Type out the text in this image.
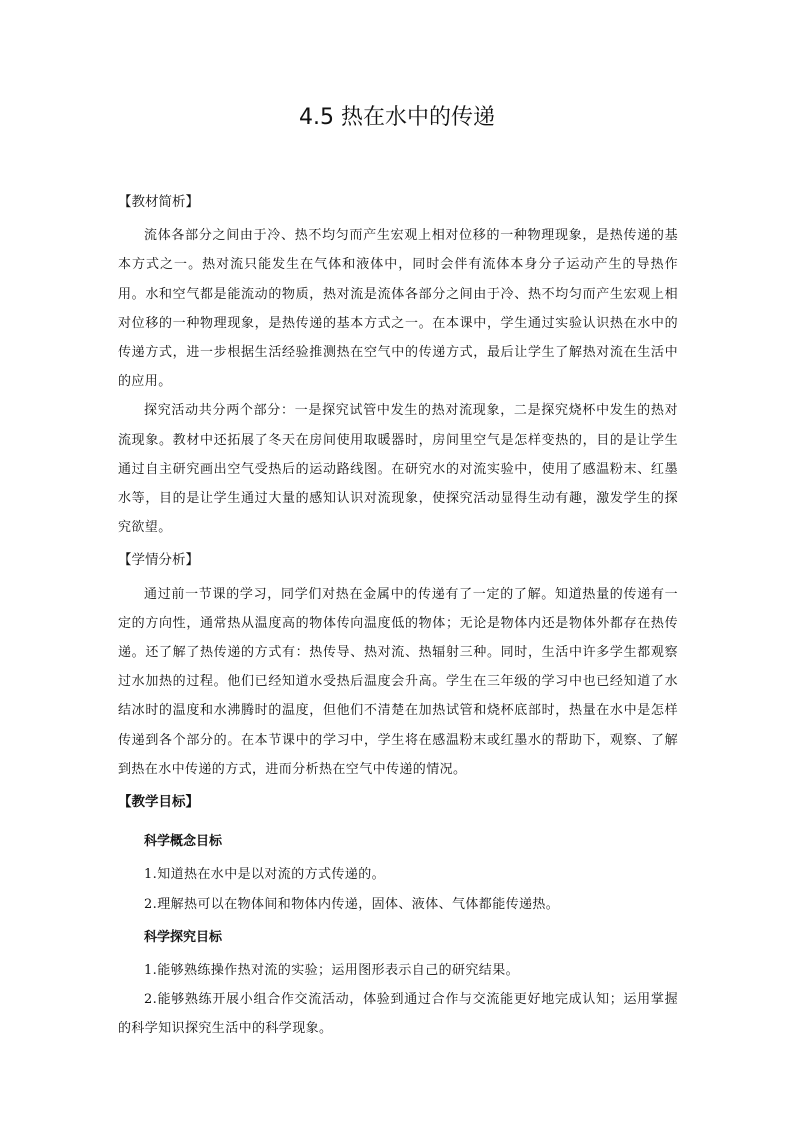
4.5 热在水中的传递
【教材简析】

流体各部分之间由于冷、热不均匀而产生宏观上相对位移的一种物理现象，是热传递的基本方式之一。热对流只能发生在气体和液体中，同时会伴有流体本身分子运动产生的导热作用。水和空气都是能流动的物质，热对流是流体各部分之间由于冷、热不均匀而产生宏观上相对位移的一种物理现象，是热传递的基本方式之一。在本课中，学生通过实验认识热在水中的传递方式，进一步根据生活经验推测热在空气中的传递方式，最后让学生了解热对流在生活中的应用。

探究活动共分两个部分：一是探究试管中发生的热对流现象，二是探究烧杯中发生的热对流现象。教材中还拓展了冬天在房间使用取暖器时，房间里空气是怎样变热的，目的是让学生通过自主研究画出空气受热后的运动路线图。在研究水的对流实验中，使用了感温粉末、红墨水等，目的是让学生通过大量的感知认识对流现象，使探究活动显得生动有趣，激发学生的探究欲望。

【学情分析】

通过前一节课的学习，同学们对热在金属中的传递有了一定的了解。知道热量的传递有一定的方向性，通常热从温度高的物体传向温度低的物体；无论是物体内还是物体外都存在热传递。还了解了热传递的方式有：热传导、热对流、热辐射三种。同时，生活中许多学生都观察过水加热的过程。他们已经知道水受热后温度会升高。学生在三年级的学习中也已经知道了水结冰时的温度和水沸腾时的温度，但他们不清楚在加热试管和烧杯底部时，热量在水中是怎样传递到各个部分的。在本节课中的学习中，学生将在感温粉末或红墨水的帮助下，观察、了解到热在水中传递的方式，进而分析热在空气中传递的情况。

【教学目标】
科学概念目标

1.知道热在水中是以对流的方式传递的。

2.理解热可以在物体间和物体内传递，固体、液体、气体都能传递热。

科学探究目标

1.能够熟练操作热对流的实验；运用图形表示自己的研究结果。

2.能够熟练开展小组合作交流活动，体验到通过合作与交流能更好地完成认知；运用掌握的科学知识探究生活中的科学现象。
